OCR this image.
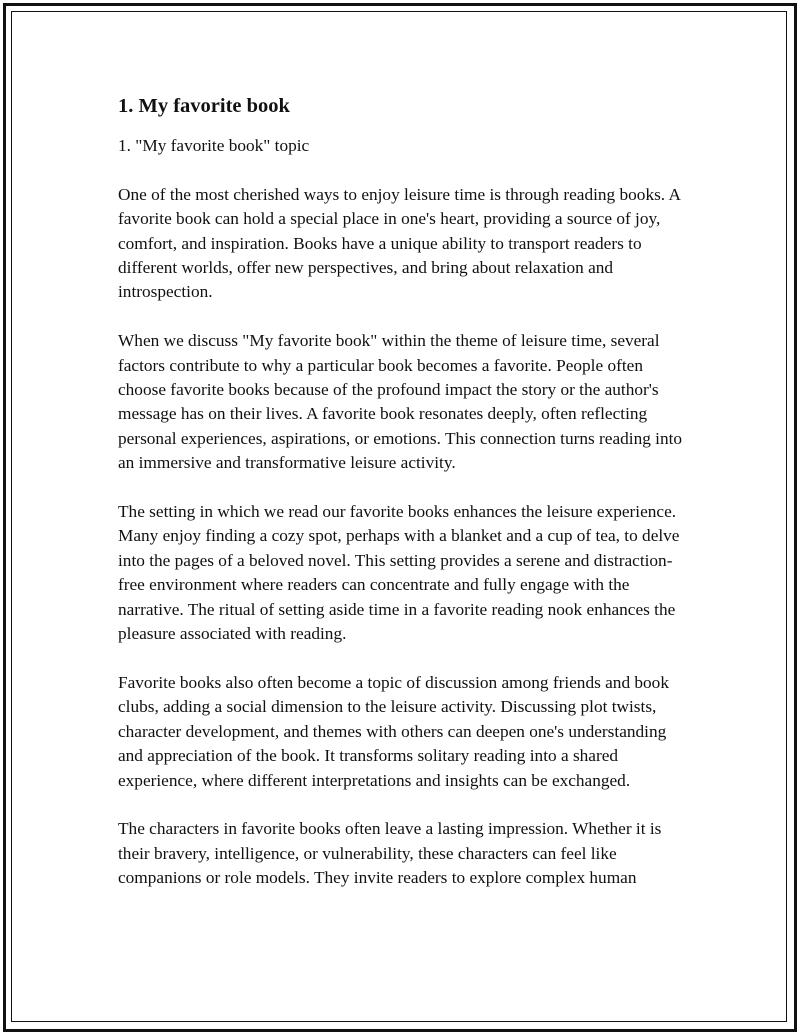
1. My favorite book

1. "My favorite book" topic

One of the most cherished ways to enjoy leisure time is through reading books. A favorite book can hold a special place in one's heart, providing a source of joy, comfort, and inspiration. Books have a unique ability to transport readers to different worlds, offer new perspectives, and bring about relaxation and introspection.

When we discuss "My favorite book" within the theme of leisure time, several factors contribute to why a particular book becomes a favorite. People often choose favorite books because of the profound impact the story or the author's message has on their lives. A favorite book resonates deeply, often reflecting personal experiences, aspirations, or emotions. This connection turns reading into an immersive and transformative leisure activity.

The setting in which we read our favorite books enhances the leisure experience. Many enjoy finding a cozy spot, perhaps with a blanket and a cup of tea, to delve into the pages of a beloved novel. This setting provides a serene and distraction-free environment where readers can concentrate and fully engage with the narrative. The ritual of setting aside time in a favorite reading nook enhances the pleasure associated with reading.

Favorite books also often become a topic of discussion among friends and book clubs, adding a social dimension to the leisure activity. Discussing plot twists, character development, and themes with others can deepen one's understanding and appreciation of the book. It transforms solitary reading into a shared experience, where different interpretations and insights can be exchanged.

The characters in favorite books often leave a lasting impression. Whether it is their bravery, intelligence, or vulnerability, these characters can feel like companions or role models. They invite readers to explore complex human
